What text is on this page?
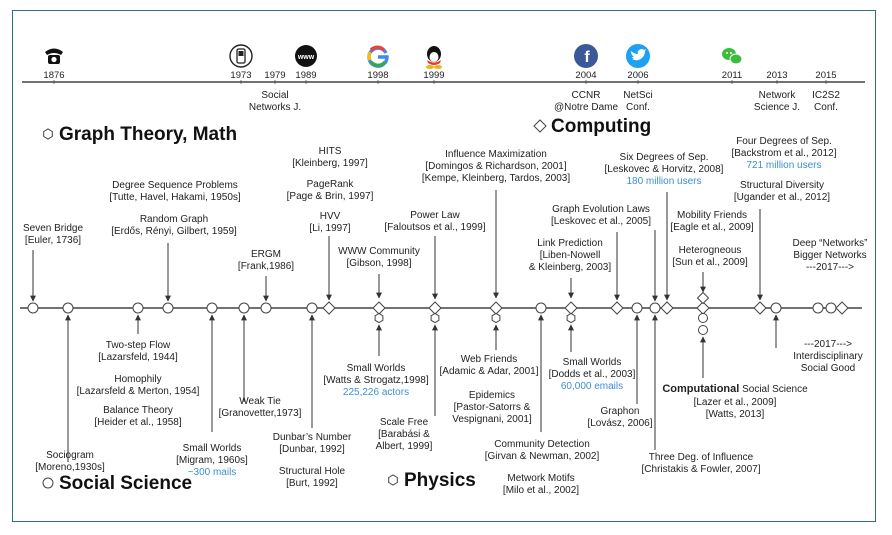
www	f
1876	1973 1979
Social
Networks J.
1989	1998	1999	2004
CCNR
@Notre Dame
2006
NetSci
Conf.
2011	2013
Network
Science J.
2015
IC2S2
Conf.
Graph Theory, Math	Computing
Social Science	Physics
Seven Bridge
[Euler, 1736]
Degree Sequence Problems
[Tutte, Havel, Hakami, 1950s]
Random Graph
[Erdős, Rényi, Gilbert, 1959]
ERGM
[Frank,1986]
HITS
[Kleinberg, 1997]
PageRank
[Page & Brin, 1997]
HVV
[Li, 1997]
WWW Community
[Gibson, 1998]
Power Law
[Faloutsos et al., 1999]
Influence Maximization
[Domingos & Richardson, 2001]
[Kempe, Kleinberg, Tardos, 2003]
Graph Evolution Laws
[Leskovec et al., 2005]
Link Prediction
[Liben-Nowell
& Kleinberg, 2003]
Six Degrees of Sep.
[Leskovec & Horvitz, 2008]
180 million users
Four Degrees of Sep.
[Backstrom et al., 2012]
721 million users
Structural Diversity
[Ugander et al., 2012]
Mobility Friends
[Eagle et al., 2009]
Heterogneous
[Sun et al., 2009]
Deep “Networks”
Bigger Networks
---2017--->
Sociogram
[Moreno,1930s]
Two-step Flow
[Lazarsfeld, 1944]
Homophily
[Lazarsfeld & Merton, 1954]
Balance Theory
[Heider et al., 1958]
Small Worlds
[Migram, 1960s]
~300 mails
Weak Tie
[Granovetter,1973]
Dunbar’s Number
[Dunbar, 1992]
Structural Hole
[Burt, 1992]
Small Worlds
[Watts & Strogatz,1998]
225,226 actors
Scale Free
[Barabási &
Albert, 1999]
Web Friends
[Adamic & Adar, 2001]
Epidemics
[Pastor-Satorrs &
Vespignani, 2001]
Community Detection
[Girvan & Newman, 2002]
Metwork Motifs
[Milo et al., 2002]
Small Worlds
[Dodds et al., 2003]
60,000 emails
Graphon
[Lovász, 2006]
Three Deg. of Influence
[Christakis & Fowler, 2007]
Computational Social Science
[Lazer et al., 2009]
[Watts, 2013]
---2017--->
Interdisciplinary
Social Good
